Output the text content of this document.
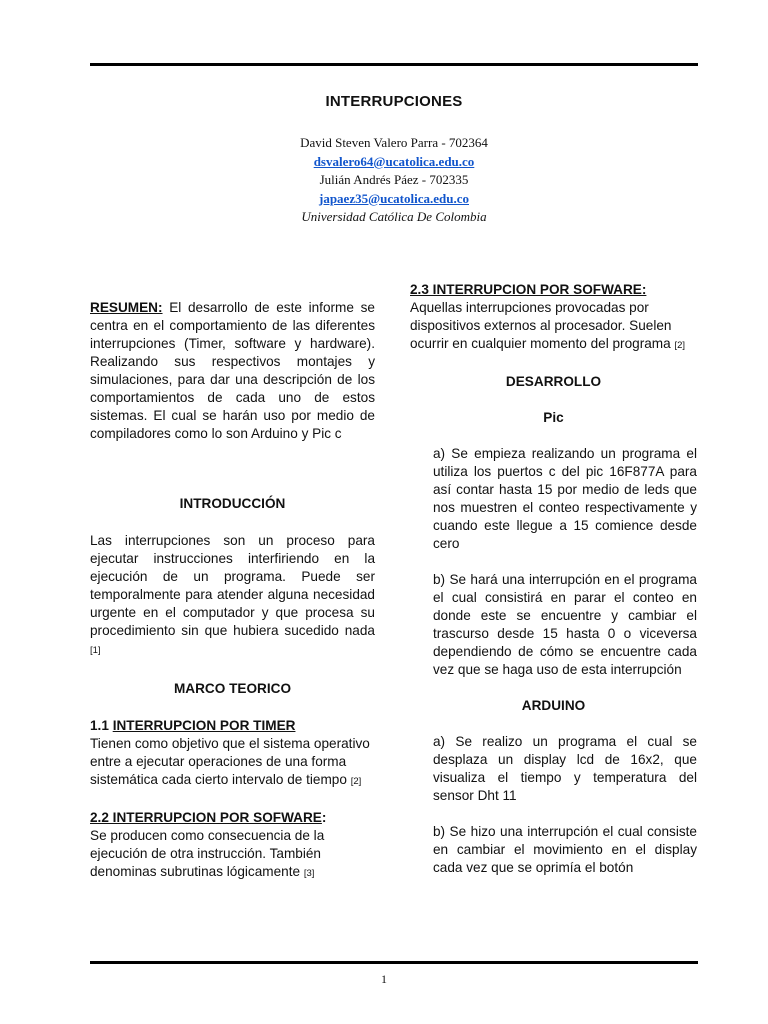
INTERRUPCIONES
David Steven Valero Parra - 702364
dsvalero64@ucatolica.edu.co
Julián Andrés Páez - 702335
japaez35@ucatolica.edu.co
Universidad Católica De Colombia

RESUMEN: El desarrollo de este informe se centra en el comportamiento de las diferentes interrupciones (Timer, software y hardware). Realizando sus respectivos montajes y simulaciones, para dar una descripción de los comportamientos de cada uno de estos sistemas. El cual se harán uso por medio de compiladores como lo son Arduino y Pic c

INTRODUCCIÓN

Las interrupciones son un proceso para ejecutar instrucciones interfiriendo en la ejecución de un programa. Puede ser temporalmente para atender alguna necesidad urgente en el computador y que procesa su procedimiento sin que hubiera sucedido nada [1]

MARCO TEORICO

1.1 INTERRUPCION POR TIMER

Tienen como objetivo que el sistema operativo entre a ejecutar operaciones de una forma sistemática cada cierto intervalo de tiempo [2]

2.2 INTERRUPCION POR SOFWARE:

Se producen como consecuencia de la ejecución de otra instrucción. También denominas subrutinas lógicamente [3]

2.3 INTERRUPCION POR SOFWARE:

Aquellas interrupciones provocadas por dispositivos externos al procesador. Suelen ocurrir en cualquier momento del programa [2]

DESARROLLO

Pic

a) Se empieza realizando un programa el utiliza los puertos c del pic 16F877A para así contar hasta 15 por medio de leds que nos muestren el conteo respectivamente y cuando este llegue a 15 comience desde cero

b) Se hará una interrupción en el programa el cual consistirá en parar el conteo en donde este se encuentre y cambiar el trascurso desde 15 hasta 0 o viceversa dependiendo de cómo se encuentre cada vez que se haga uso de esta interrupción

ARDUINO

a) Se realizo un programa el cual se desplaza un display lcd de 16x2, que visualiza el tiempo y temperatura del sensor Dht 11

b) Se hizo una interrupción el cual consiste en cambiar el movimiento en el display cada vez que se oprimía el botón

1
